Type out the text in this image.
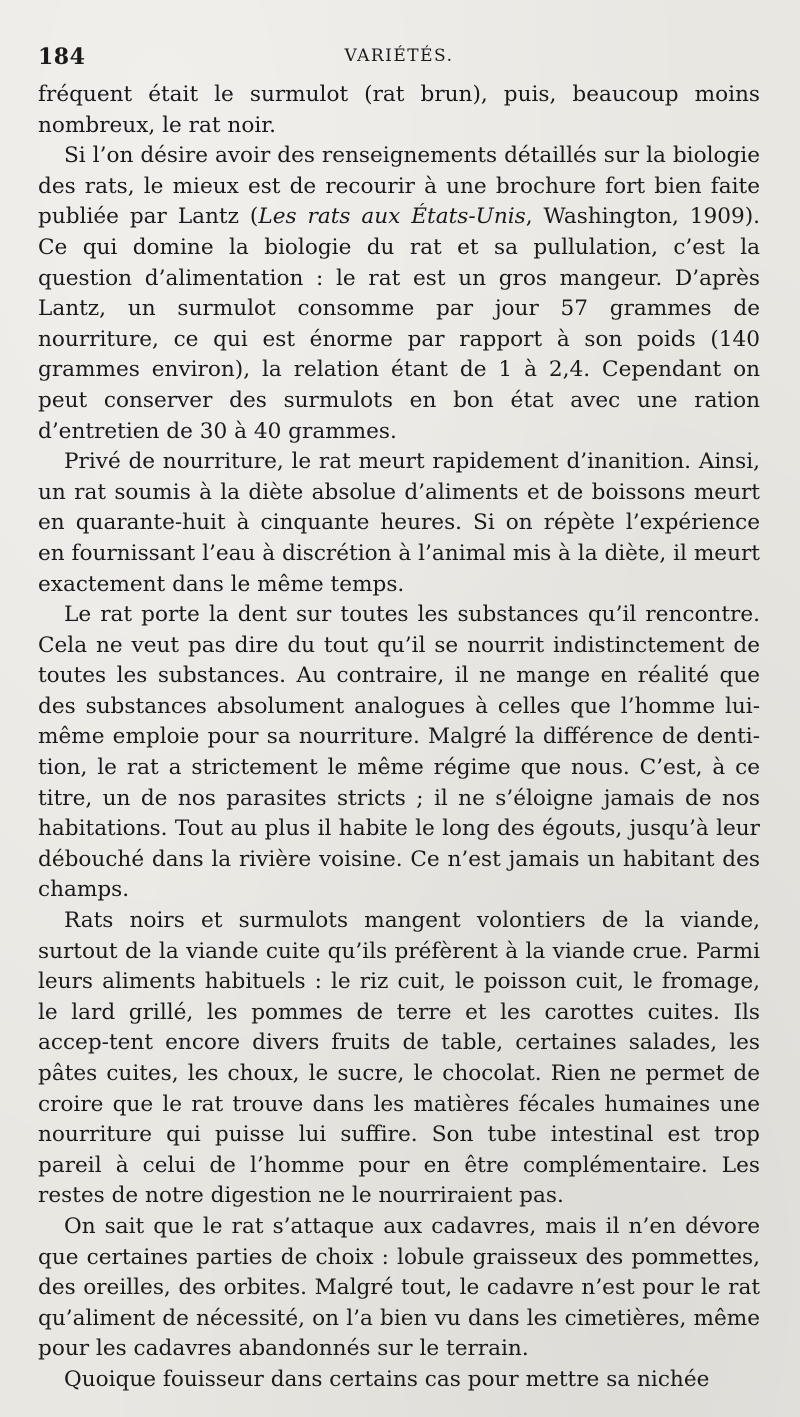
184	VARIÉTÉS.

fréquent était le surmulot (rat brun), puis, beaucoup moins nombreux, le rat noir.

Si l’on désire avoir des renseignements détaillés sur la biologie des rats, le mieux est de recourir à une brochure fort bien faite publiée par Lantz (Les rats aux États-Unis, Washington, 1909). Ce qui domine la biologie du rat et sa pullulation, c’est la question d’alimentation : le rat est un gros mangeur. D’après Lantz, un surmulot consomme par jour 57 grammes de nourriture, ce qui est énorme par rapport à son poids (140 grammes environ), la relation étant de 1 à 2,4. Cependant on peut conserver des surmulots en bon état avec une ration d’entretien de 30 à 40 grammes.

Privé de nourriture, le rat meurt rapidement d’inanition. Ainsi, un rat soumis à la diète absolue d’aliments et de boissons meurt en quarante-huit à cinquante heures. Si on répète l’expérience en fournissant l’eau à discrétion à l’animal mis à la diète, il meurt exactement dans le même temps.

Le rat porte la dent sur toutes les substances qu’il rencontre. Cela ne veut pas dire du tout qu’il se nourrit indistinctement de toutes les substances. Au contraire, il ne mange en réalité que des substances absolument analogues à celles que l’homme lui-même emploie pour sa nourriture. Malgré la différence de denti-tion, le rat a strictement le même régime que nous. C’est, à ce titre, un de nos parasites stricts ; il ne s’éloigne jamais de nos habitations. Tout au plus il habite le long des égouts, jusqu’à leur débouché dans la rivière voisine. Ce n’est jamais un habitant des champs.

Rats noirs et surmulots mangent volontiers de la viande, surtout de la viande cuite qu’ils préfèrent à la viande crue. Parmi leurs aliments habituels : le riz cuit, le poisson cuit, le fromage, le lard grillé, les pommes de terre et les carottes cuites. Ils accep-tent encore divers fruits de table, certaines salades, les pâtes cuites, les choux, le sucre, le chocolat. Rien ne permet de croire que le rat trouve dans les matières fécales humaines une nourriture qui puisse lui suffire. Son tube intestinal est trop pareil à celui de l’homme pour en être complémentaire. Les restes de notre digestion ne le nourriraient pas.

On sait que le rat s’attaque aux cadavres, mais il n’en dévore que certaines parties de choix : lobule graisseux des pommettes, des oreilles, des orbites. Malgré tout, le cadavre n’est pour le rat qu’aliment de nécessité, on l’a bien vu dans les cimetières, même pour les cadavres abandonnés sur le terrain.

Quoique fouisseur dans certains cas pour mettre sa nichée
